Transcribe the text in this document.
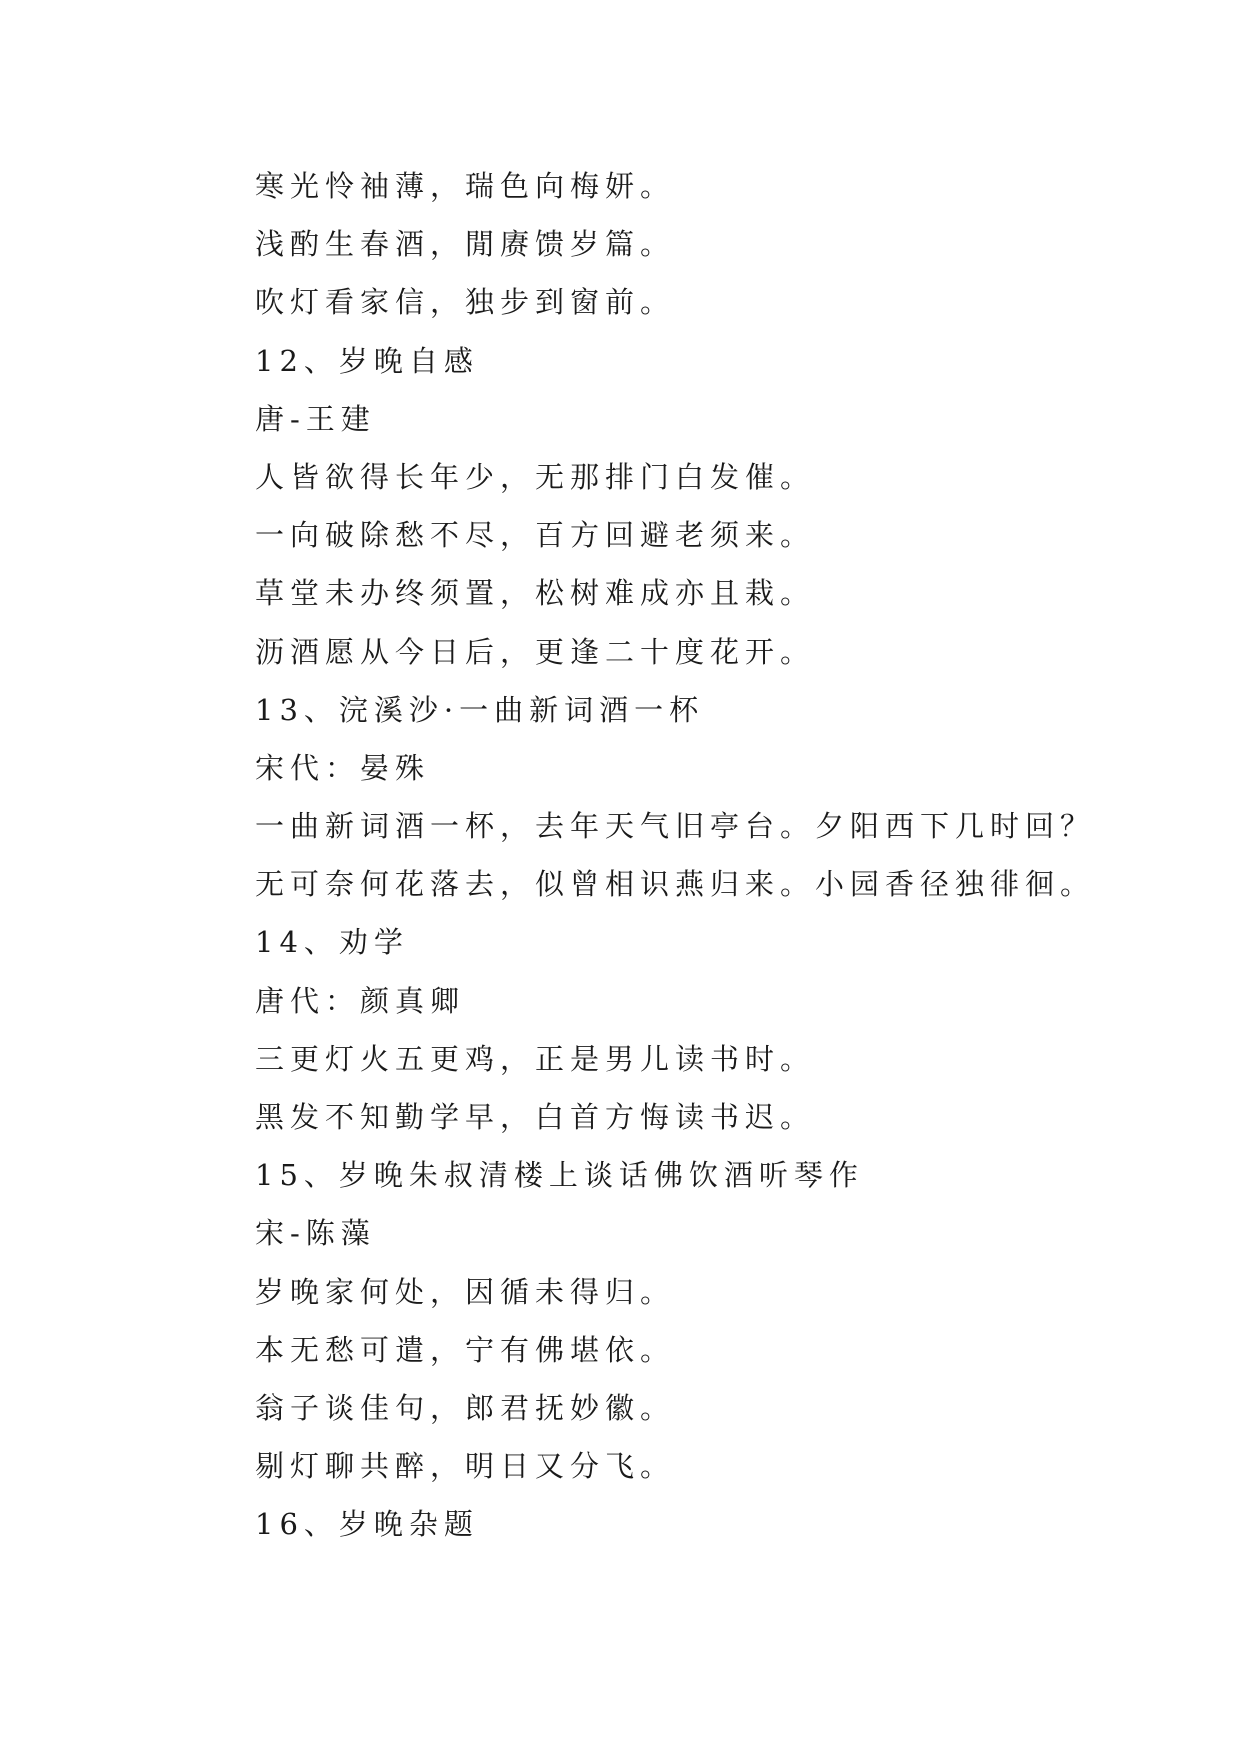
寒光怜袖薄，瑞色向梅妍。
浅酌生春酒，閒赓馈岁篇。
吹灯看家信，独步到窗前。
12、岁晚自感
唐-王建
人皆欲得长年少，无那排门白发催。
一向破除愁不尽，百方回避老须来。
草堂未办终须置，松树难成亦且栽。
沥酒愿从今日后，更逢二十度花开。
13、浣溪沙·一曲新词酒一杯
宋代：晏殊
一曲新词酒一杯，去年天气旧亭台。夕阳西下几时回？
无可奈何花落去，似曾相识燕归来。小园香径独徘徊。
14、劝学
唐代：颜真卿
三更灯火五更鸡，正是男儿读书时。
黑发不知勤学早，白首方悔读书迟。
15、岁晚朱叔清楼上谈话佛饮酒听琴作
宋-陈藻
岁晚家何处，因循未得归。
本无愁可遣，宁有佛堪依。
翁子谈佳句，郎君抚妙徽。
剔灯聊共醉，明日又分飞。
16、岁晚杂题
